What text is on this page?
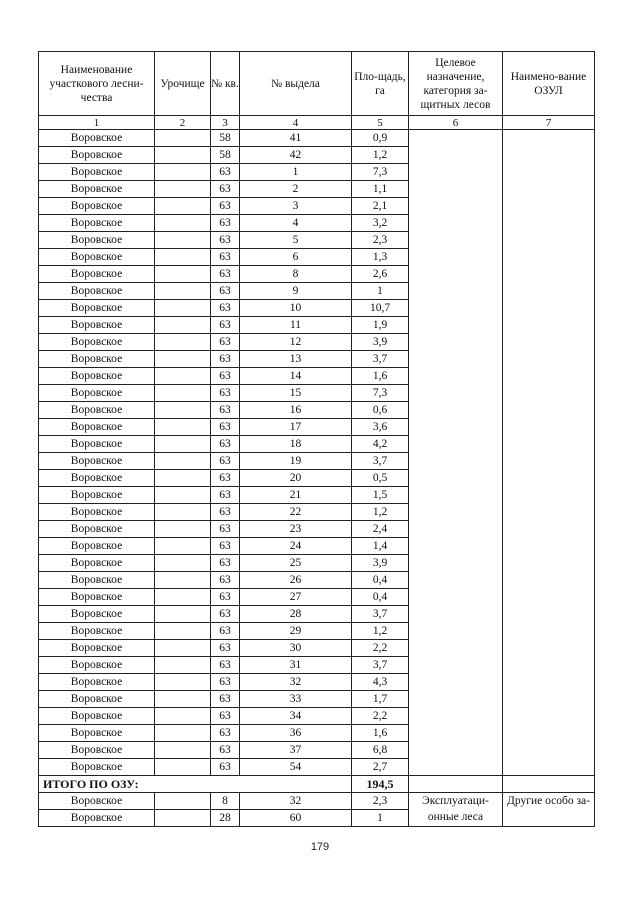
Наименование участкового лесни-чества	Урочище	№ кв.	№ выдела	Пло-щадь, га	Целевое назначение, категория за-щитных лесов	Наимено-вание ОЗУЛ
1	2	3	4	5	6	7
Воровское		58	41	0,9		
Воровское		58	42	1,2		
Воровское		63	1	7,3		
Воровское		63	2	1,1		
Воровское		63	3	2,1		
Воровское		63	4	3,2		
Воровское		63	5	2,3		
Воровское		63	6	1,3		
Воровское		63	8	2,6		
Воровское		63	9	1		
Воровское		63	10	10,7		
Воровское		63	11	1,9		
Воровское		63	12	3,9		
Воровское		63	13	3,7		
Воровское		63	14	1,6		
Воровское		63	15	7,3		
Воровское		63	16	0,6		
Воровское		63	17	3,6		
Воровское		63	18	4,2		
Воровское		63	19	3,7		
Воровское		63	20	0,5		
Воровское		63	21	1,5		
Воровское		63	22	1,2		
Воровское		63	23	2,4		
Воровское		63	24	1,4		
Воровское		63	25	3,9		
Воровское		63	26	0,4		
Воровское		63	27	0,4		
Воровское		63	28	3,7		
Воровское		63	29	1,2		
Воровское		63	30	2,2		
Воровское		63	31	3,7		
Воровское		63	32	4,3		
Воровское		63	33	1,7		
Воровское		63	34	2,2		
Воровское		63	36	1,6		
Воровское		63	37	6,8		
Воровское		63	54	2,7		
ИТОГО ПО ОЗУ:				194,5		
Воровское		8	32	2,3	Эксплуатаци-онные леса	Другие особо за-
Воровское		28	60	1		
179
